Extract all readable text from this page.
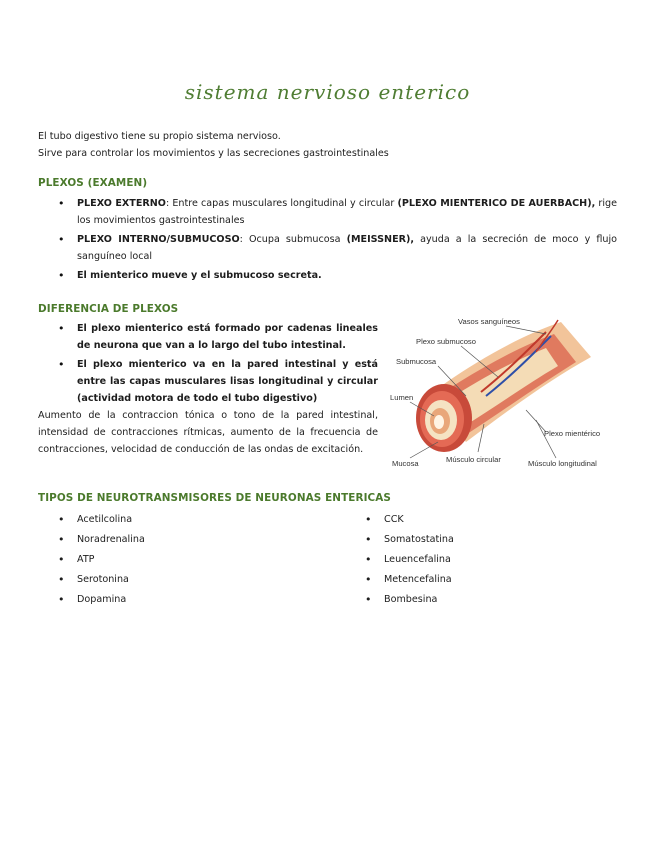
sistema nervioso enterico
El tubo digestivo tiene su propio sistema nervioso.
Sirve para controlar los movimientos y las secreciones gastrointestinales
PLEXOS (EXAMEN)
• PLEXO EXTERNO: Entre capas musculares longitudinal y circular (PLEXO MIENTERICO DE AUERBACH), rige los movimientos gastrointestinales
• PLEXO INTERNO/SUBMUCOSO: Ocupa submucosa (MEISSNER), ayuda a la secreción de moco y flujo sanguíneo local
• El mienterico mueve y el submucoso secreta.
DIFERENCIA DE PLEXOS
• El plexo mienterico está formado por cadenas lineales de neurona que van a lo largo del tubo intestinal.
• El plexo mienterico va en la pared intestinal y está entre las capas musculares lisas longitudinal y circular (actividad motora de todo el tubo digestivo)
Aumento de la contraccion tónica o tono de la pared intestinal, intensidad de contracciones rítmicas, aumento de la frecuencia de contracciones, velocidad de conducción de las ondas de excitación.
Vasos sanguíneos
Plexo submucoso
Submucosa
Lumen
Plexo mientérico
Mucosa	Músculo circular	Músculo longitudinal
TIPOS DE NEUROTRANSMISORES DE NEURONAS ENTERICAS
• Acetilcolina
• Noradrenalina
• ATP
• Serotonina
• Dopamina
• CCK
• Somatostatina
• Leuencefalina
• Metencefalina
• Bombesina
